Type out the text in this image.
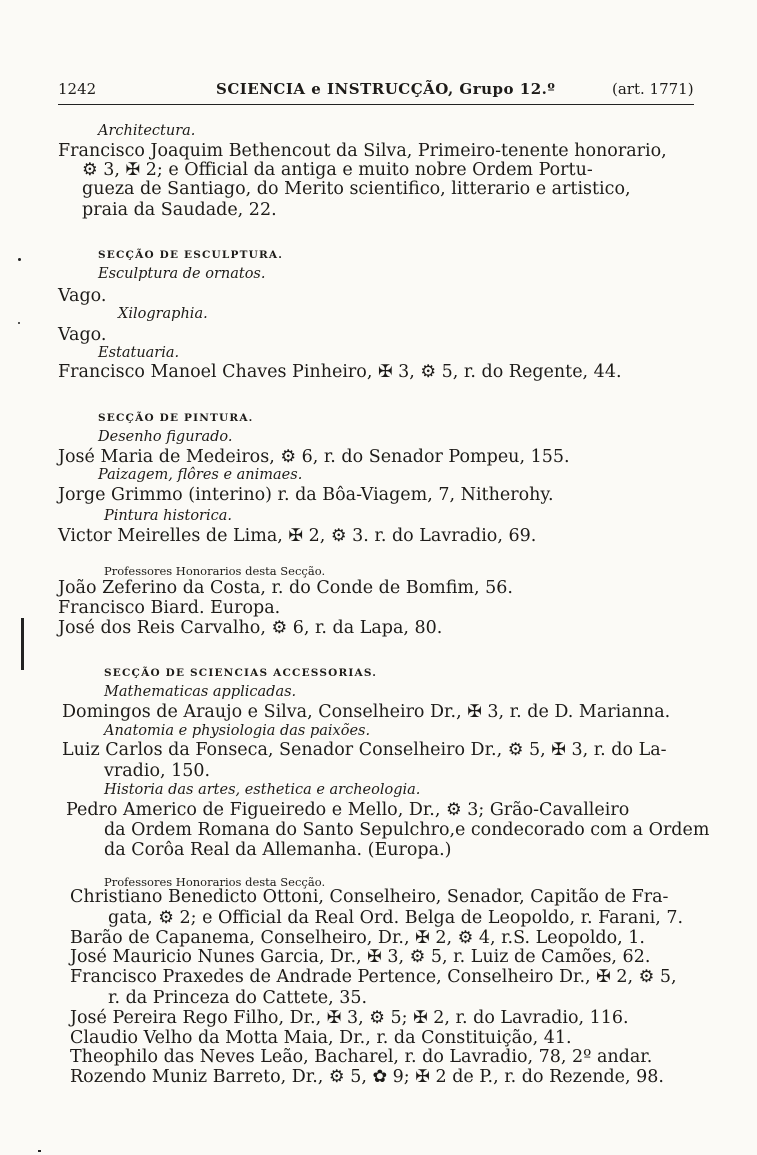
1242	SCIENCIA e INSTRUCÇÃO, Grupo 12.º	(art. 1771)
Architectura.
Francisco Joaquim Bethencout da Silva, Primeiro-tenente honorario,
⚙ 3, ✠ 2; e Official da antiga e muito nobre Ordem Portu-
gueza de Santiago, do Merito scientifico, litterario e artistico,
praia da Saudade, 22.
SECÇÃO DE ESCULPTURA.
Esculptura de ornatos.
Vago.
Xilographia.
Vago.
Estatuaria.
Francisco Manoel Chaves Pinheiro, ✠ 3, ⚙ 5, r. do Regente, 44.
SECÇÃO DE PINTURA.
Desenho figurado.
José Maria de Medeiros, ⚙ 6, r. do Senador Pompeu, 155.
Paizagem, flôres e animaes.
Jorge Grimmo (interino) r. da Bôa-Viagem, 7, Nitherohy.
Pintura historica.
Victor Meirelles de Lima, ✠ 2, ⚙ 3. r. do Lavradio, 69.
Professores Honorarios desta Secção.
João Zeferino da Costa, r. do Conde de Bomfim, 56.
Francisco Biard. Europa.
José dos Reis Carvalho, ⚙ 6, r. da Lapa, 80.
SECÇÃO DE SCIENCIAS ACCESSORIAS.
Mathematicas applicadas.
Domingos de Araujo e Silva, Conselheiro Dr., ✠ 3, r. de D. Marianna.
Anatomia e physiologia das paixões.
Luiz Carlos da Fonseca, Senador Conselheiro Dr., ⚙ 5, ✠ 3, r. do La-
vradio, 150.
Historia das artes, esthetica e archeologia.
Pedro Americo de Figueiredo e Mello, Dr., ⚙ 3; Grão-Cavalleiro
da Ordem Romana do Santo Sepulchro,e condecorado com a Ordem
da Corôa Real da Allemanha. (Europa.)
Professores Honorarios desta Secção.
Christiano Benedicto Ottoni, Conselheiro, Senador, Capitão de Fra-
gata, ⚙ 2; e Official da Real Ord. Belga de Leopoldo, r. Farani, 7.
Barão de Capanema, Conselheiro, Dr., ✠ 2, ⚙ 4, r.S. Leopoldo, 1.
José Mauricio Nunes Garcia, Dr., ✠ 3, ⚙ 5, r. Luiz de Camões, 62.
Francisco Praxedes de Andrade Pertence, Conselheiro Dr., ✠ 2, ⚙ 5,
r. da Princeza do Cattete, 35.
José Pereira Rego Filho, Dr., ✠ 3, ⚙ 5; ✠ 2, r. do Lavradio, 116.
Claudio Velho da Motta Maia, Dr., r. da Constituição, 41.
Theophilo das Neves Leão, Bacharel, r. do Lavradio, 78, 2º andar.
Rozendo Muniz Barreto, Dr., ⚙ 5, ✿ 9; ✠ 2 de P., r. do Rezende, 98.
